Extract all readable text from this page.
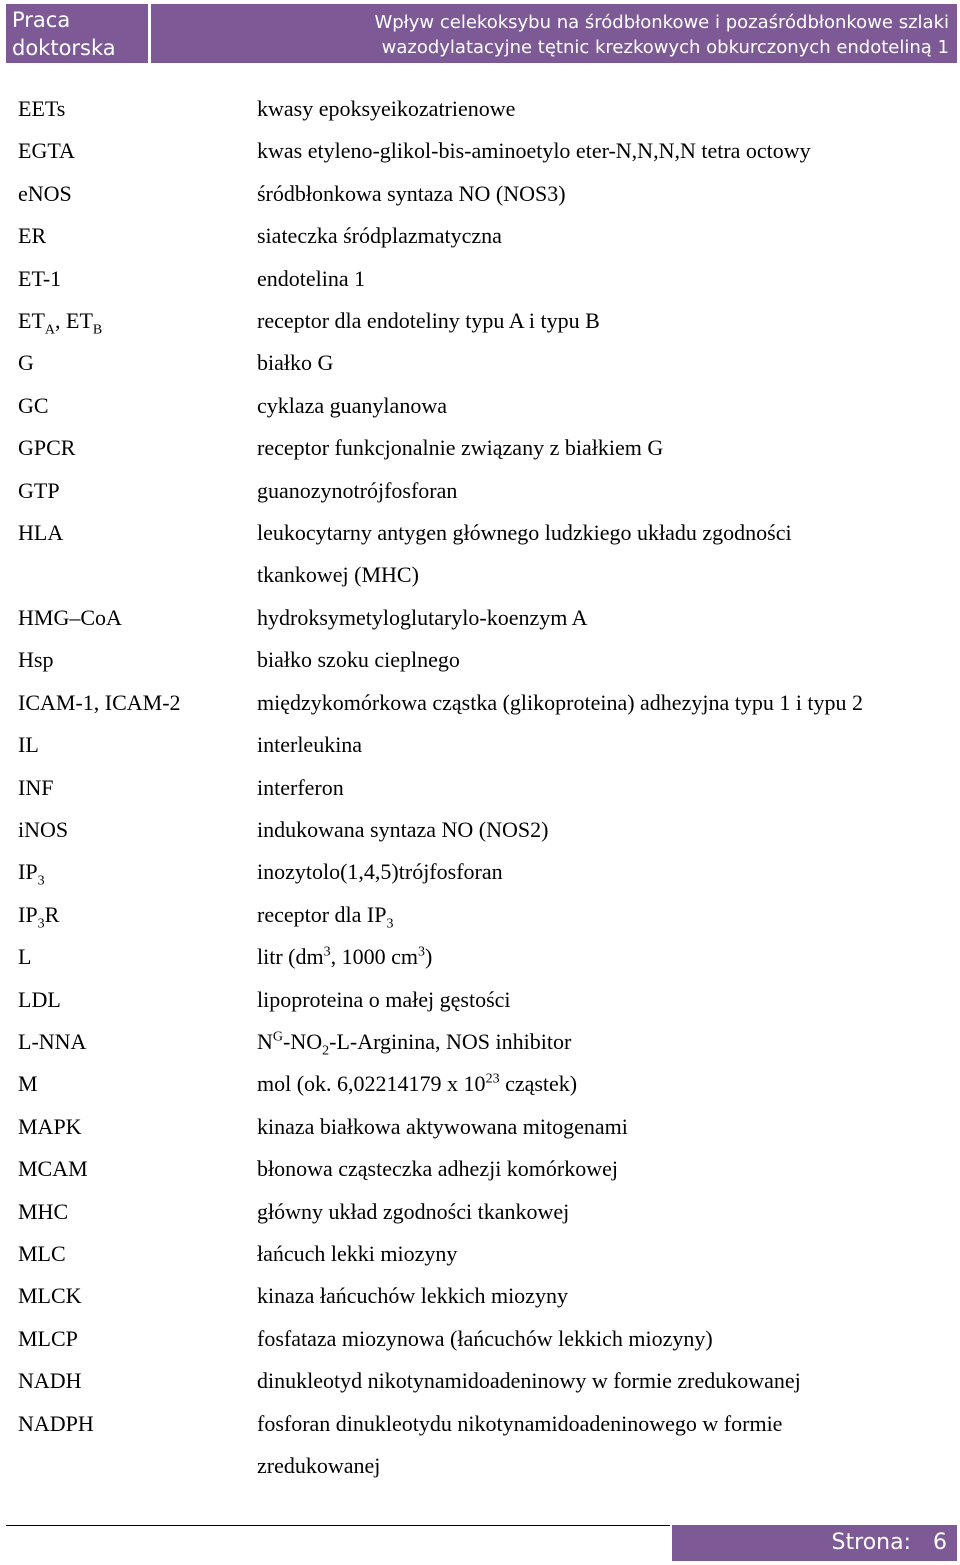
Praca
doktorska
Wpływ celekoksybu na śródbłonkowe i pozaśródbłonkowe szlaki
wazodylatacyjne tętnic krezkowych obkurczonych endoteliną 1
EETs	kwasy epoksyeikozatrienowe
EGTA	kwas etyleno-glikol-bis-aminoetylo eter-N,N,N,N tetra octowy
eNOS	śródbłonkowa syntaza NO (NOS3)
ER	siateczka śródplazmatyczna
ET-1	endotelina 1
$ET_A$, $ET_B$	receptor dla endoteliny typu A i typu B
G	białko G
GC	cyklaza guanylanowa
GPCR	receptor funkcjonalnie związany z białkiem G
GTP	guanozynotrójfosforan
HLA	leukocytarny antygen głównego ludzkiego układu zgodności
tkankowej (MHC)
HMG–CoA	hydroksymetyloglutarylo-koenzym A
Hsp	białko szoku cieplnego
ICAM-1, ICAM-2	międzykomórkowa cząstka (glikoproteina) adhezyjna typu 1 i typu 2
IL	interleukina
INF	interferon
iNOS	indukowana syntaza NO (NOS2)
$IP_3$	inozytolo(1,4,5)trójfosforan
$IP_3R$	receptor dla $IP_3$
L	litr ($dm^3$, 1000 $cm^3$)
LDL	lipoproteina o małej gęstości
L-NNA	$N^G-NO_2-L$-Arginina, NOS inhibitor
M	mol (ok. 6,02214179 x $10^{23}$ cząstek)
MAPK	kinaza białkowa aktywowana mitogenami
MCAM	błonowa cząsteczka adhezji komórkowej
MHC	główny układ zgodności tkankowej
MLC	łańcuch lekki miozyny
MLCK	kinaza łańcuchów lekkich miozyny
MLCP	fosfataza miozynowa (łańcuchów lekkich miozyny)
NADH	dinukleotyd nikotynamidoadeninowy w formie zredukowanej
NADPH	fosforan dinukleotydu nikotynamidoadeninowego w formie
zredukowanej
Strona: 6
